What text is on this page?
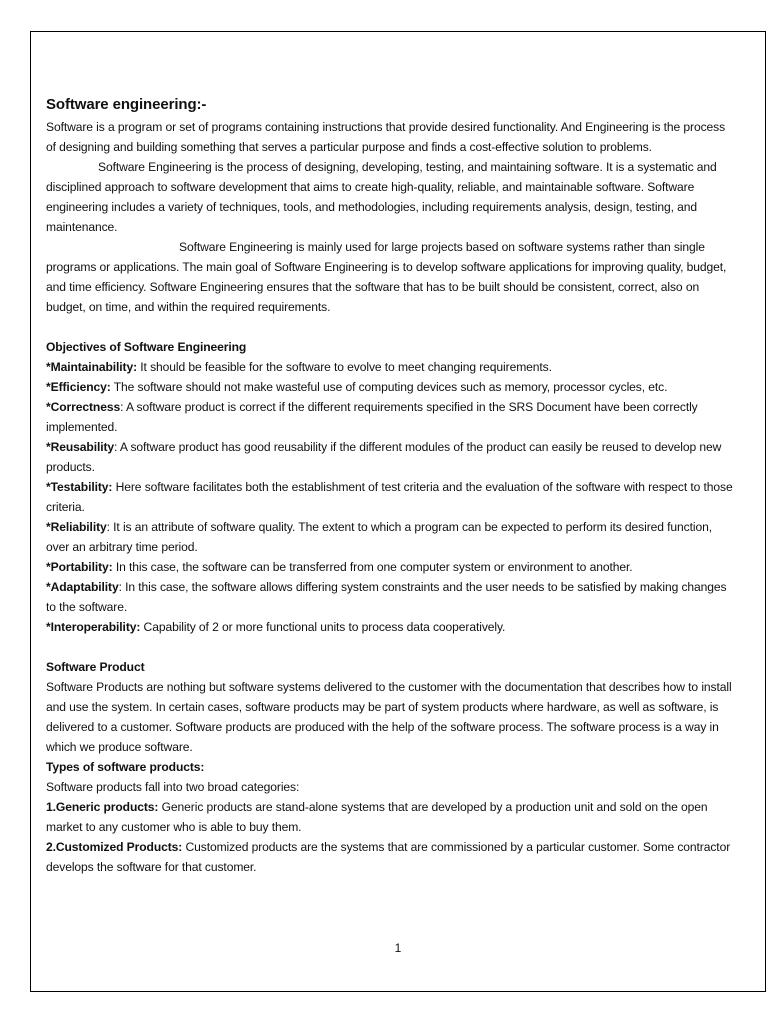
Software engineering:-

Software is a program or set of programs containing instructions that provide desired functionality. And Engineering is the process of designing and building something that serves a particular purpose and finds a cost-effective solution to problems.

Software Engineering is the process of designing, developing, testing, and maintaining software. It is a systematic and disciplined approach to software development that aims to create high-quality, reliable, and maintainable software. Software engineering includes a variety of techniques, tools, and methodologies, including requirements analysis, design, testing, and maintenance.

Software Engineering is mainly used for large projects based on software systems rather than single programs or applications. The main goal of Software Engineering is to develop software applications for improving quality, budget, and time efficiency. Software Engineering ensures that the software that has to be built should be consistent, correct, also on budget, on time, and within the required requirements.

Objectives of Software Engineering

*Maintainability: It should be feasible for the software to evolve to meet changing requirements.

*Efficiency: The software should not make wasteful use of computing devices such as memory, processor cycles, etc.

*Correctness: A software product is correct if the different requirements specified in the SRS Document have been correctly implemented.

*Reusability: A software product has good reusability if the different modules of the product can easily be reused to develop new products.

*Testability: Here software facilitates both the establishment of test criteria and the evaluation of the software with respect to those criteria.

*Reliability: It is an attribute of software quality. The extent to which a program can be expected to perform its desired function, over an arbitrary time period.

*Portability: In this case, the software can be transferred from one computer system or environment to another.

*Adaptability: In this case, the software allows differing system constraints and the user needs to be satisfied by making changes to the software.

*Interoperability: Capability of 2 or more functional units to process data cooperatively.

Software Product

Software Products are nothing but software systems delivered to the customer with the documentation that describes how to install and use the system. In certain cases, software products may be part of system products where hardware, as well as software, is delivered to a customer. Software products are produced with the help of the software process. The software process is a way in which we produce software.

Types of software products:

Software products fall into two broad categories:

1.Generic products: Generic products are stand-alone systems that are developed by a production unit and sold on the open market to any customer who is able to buy them.

2.Customized Products: Customized products are the systems that are commissioned by a particular customer. Some contractor develops the software for that customer.

1
